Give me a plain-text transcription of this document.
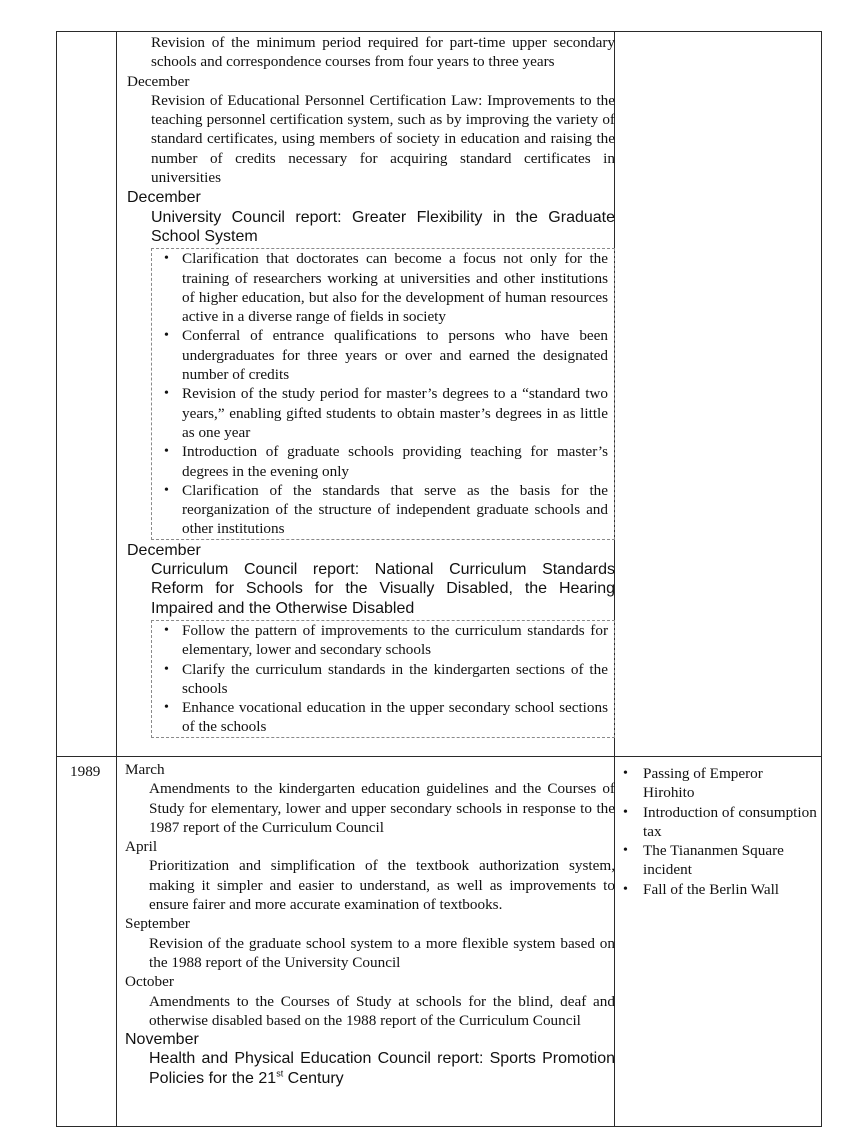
Revision of the minimum period required for part-time upper secondary schools and correspondence courses from four years to three years
December
Revision of Educational Personnel Certification Law: Improvements to the teaching personnel certification system, such as by improving the variety of standard certificates, using members of society in education and raising the number of credits necessary for acquiring standard certificates in universities
December
University Council report: Greater Flexibility in the Graduate School System
• Clarification that doctorates can become a focus not only for the training of researchers working at universities and other institutions of higher education, but also for the development of human resources active in a diverse range of fields in society
• Conferral of entrance qualifications to persons who have been undergraduates for three years or over and earned the designated number of credits
• Revision of the study period for master’s degrees to a “standard two years,” enabling gifted students to obtain master’s degrees in as little as one year
• Introduction of graduate schools providing teaching for master’s degrees in the evening only
• Clarification of the standards that serve as the basis for the reorganization of the structure of independent graduate schools and other institutions
December
Curriculum Council report: National Curriculum Standards Reform for Schools for the Visually Disabled, the Hearing Impaired and the Otherwise Disabled
• Follow the pattern of improvements to the curriculum standards for elementary, lower and secondary schools
• Clarify the curriculum standards in the kindergarten sections of the schools
• Enhance vocational education in the upper secondary school sections of the schools
1989 March
Amendments to the kindergarten education guidelines and the Courses of Study for elementary, lower and upper secondary schools in response to the 1987 report of the Curriculum Council
April
Prioritization and simplification of the textbook authorization system, making it simpler and easier to understand, as well as improvements to ensure fairer and more accurate examination of textbooks.
September
Revision of the graduate school system to a more flexible system based on the 1988 report of the University Council
October
Amendments to the Courses of Study at schools for the blind, deaf and otherwise disabled based on the 1988 report of the Curriculum Council
November
Health and Physical Education Council report: Sports Promotion Policies for the 21st Century
• Passing of Emperor Hirohito
• Introduction of consumption tax
• The Tiananmen Square incident
• Fall of the Berlin Wall
